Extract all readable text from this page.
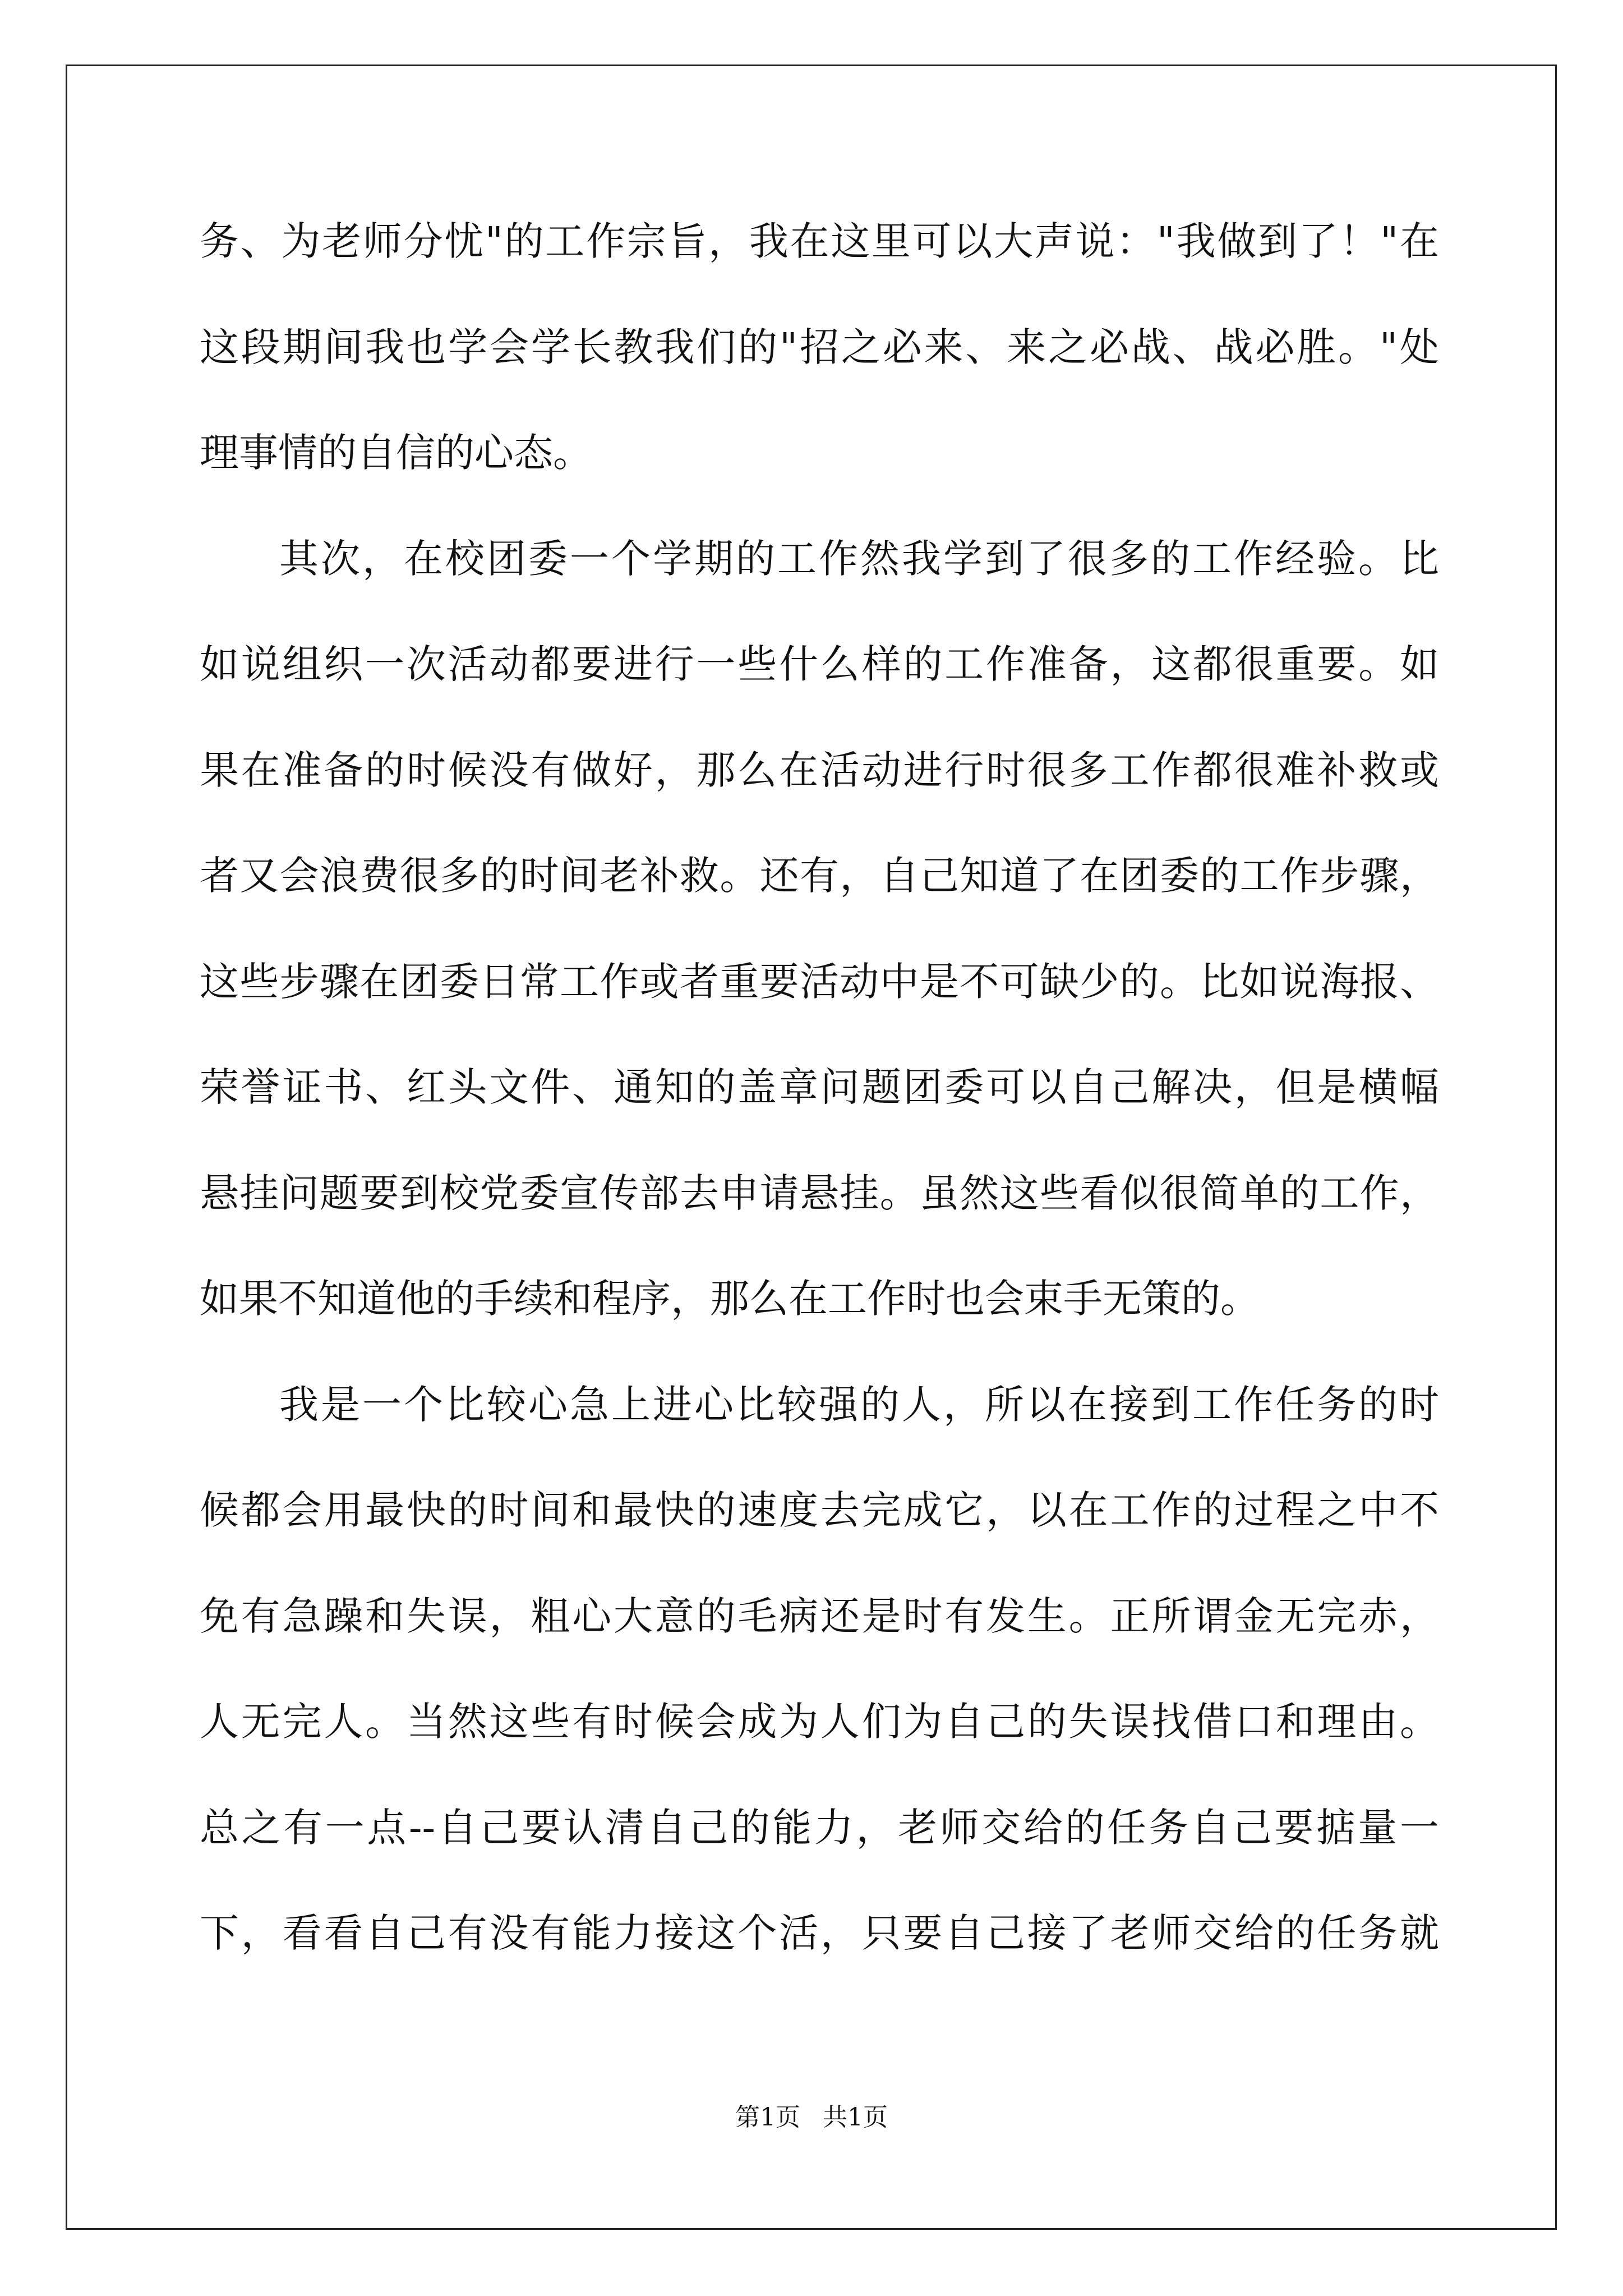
务、为老师分忧"的工作宗旨，我在这里可以大声说："我做到了！"在
这段期间我也学会学长教我们的"招之必来、来之必战、战必胜。"处
理事情的自信的心态。
其次，在校团委一个学期的工作然我学到了很多的工作经验。比
如说组织一次活动都要进行一些什么样的工作准备，这都很重要。如
果在准备的时候没有做好，那么在活动进行时很多工作都很难补救或
者又会浪费很多的时间老补救。还有，自己知道了在团委的工作步骤，
这些步骤在团委日常工作或者重要活动中是不可缺少的。比如说海报、
荣誉证书、红头文件、通知的盖章问题团委可以自己解决，但是横幅
悬挂问题要到校党委宣传部去申请悬挂。虽然这些看似很简单的工作，
如果不知道他的手续和程序，那么在工作时也会束手无策的。
我是一个比较心急上进心比较强的人，所以在接到工作任务的时
候都会用最快的时间和最快的速度去完成它，以在工作的过程之中不
免有急躁和失误，粗心大意的毛病还是时有发生。正所谓金无完赤，
人无完人。当然这些有时候会成为人们为自己的失误找借口和理由。
总之有一点--自己要认清自己的能力，老师交给的任务自己要掂量一
下，看看自己有没有能力接这个活，只要自己接了老师交给的任务就
第1页 共1页
